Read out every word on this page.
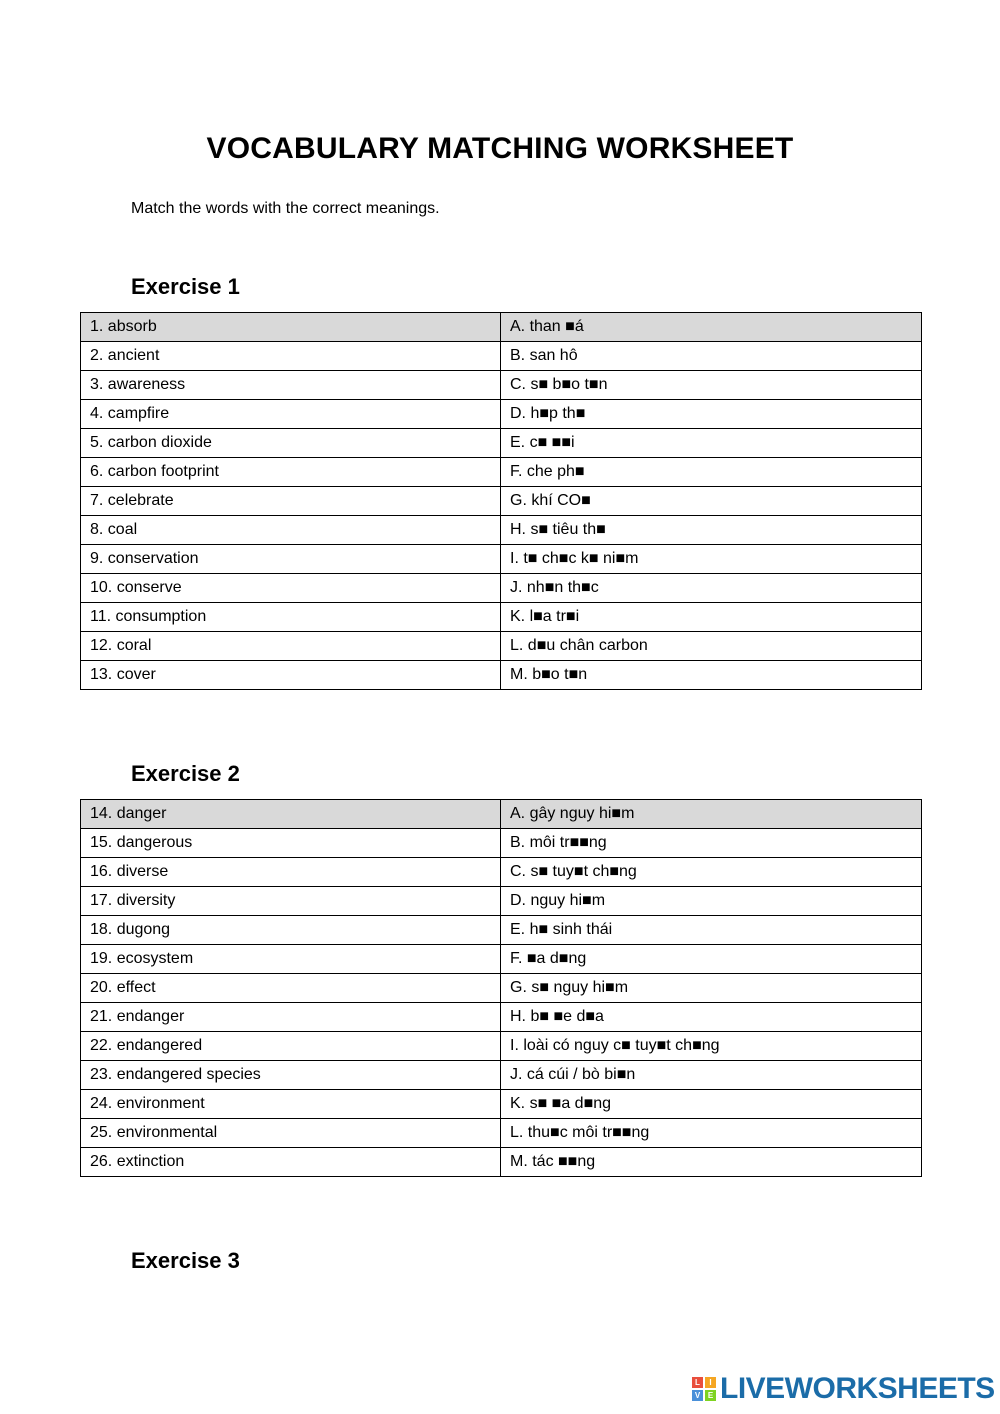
VOCABULARY MATCHING WORKSHEET
Match the words with the correct meanings.
Exercise 1
1. absorb	A. than ■á
2. ancient	B. san hô
3. awareness	C. s■ b■o t■n
4. campfire	D. h■p th■
5. carbon dioxide	E. c■ ■■i
6. carbon footprint	F. che ph■
7. celebrate	G. khí CO■
8. coal	H. s■ tiêu th■
9. conservation	I. t■ ch■c k■ ni■m
10. conserve	J. nh■n th■c
11. consumption	K. l■a tr■i
12. coral	L. d■u chân carbon
13. cover	M. b■o t■n
Exercise 2
14. danger	A. gây nguy hi■m
15. dangerous	B. môi tr■■ng
16. diverse	C. s■ tuy■t ch■ng
17. diversity	D. nguy hi■m
18. dugong	E. h■ sinh thái
19. ecosystem	F. ■a d■ng
20. effect	G. s■ nguy hi■m
21. endanger	H. b■ ■e d■a
22. endangered	I. loài có nguy c■ tuy■t ch■ng
23. endangered species	J. cá cúi / bò bi■n
24. environment	K. s■ ■a d■ng
25. environmental	L. thu■c môi tr■■ng
26. extinction	M. tác ■■ng
Exercise 3
L	I
V E LIVEWORKSHEETS
